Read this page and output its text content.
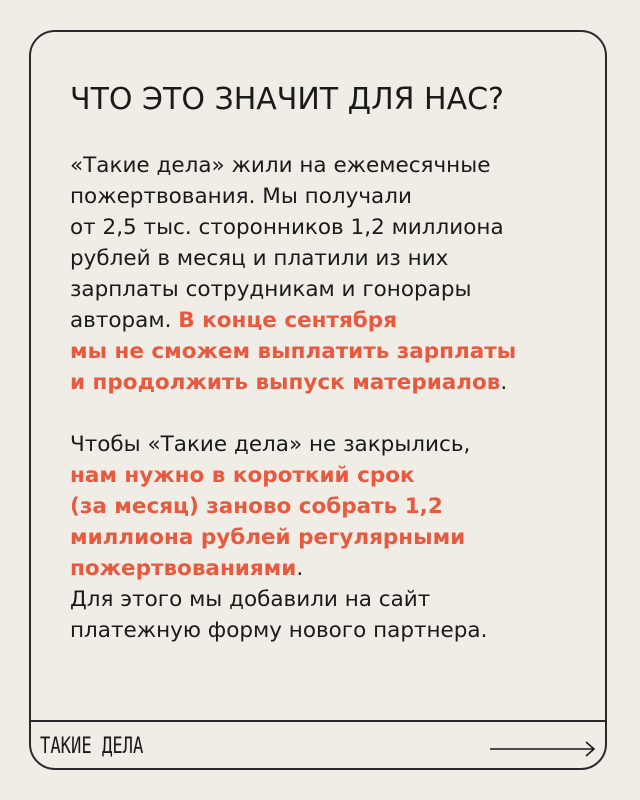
ЧТО ЭТО ЗНАЧИТ ДЛЯ НАС?

«Такие дела» жили на ежемесячные
пожертвования. Мы получали
от 2,5 тыс. сторонников 1,2 миллиона
рублей в месяц и платили из них
зарплаты сотрудникам и гонорары
авторам. В конце сентября
мы не сможем выплатить зарплаты
и продолжить выпуск материалов.

Чтобы «Такие дела» не закрылись,
нам нужно в короткий срок
(за месяц) заново собрать 1,2
миллиона рублей регулярными
пожертвованиями.
Для этого мы добавили на сайт
платежную форму нового партнера.

ТАКИЕ ДЕЛА
